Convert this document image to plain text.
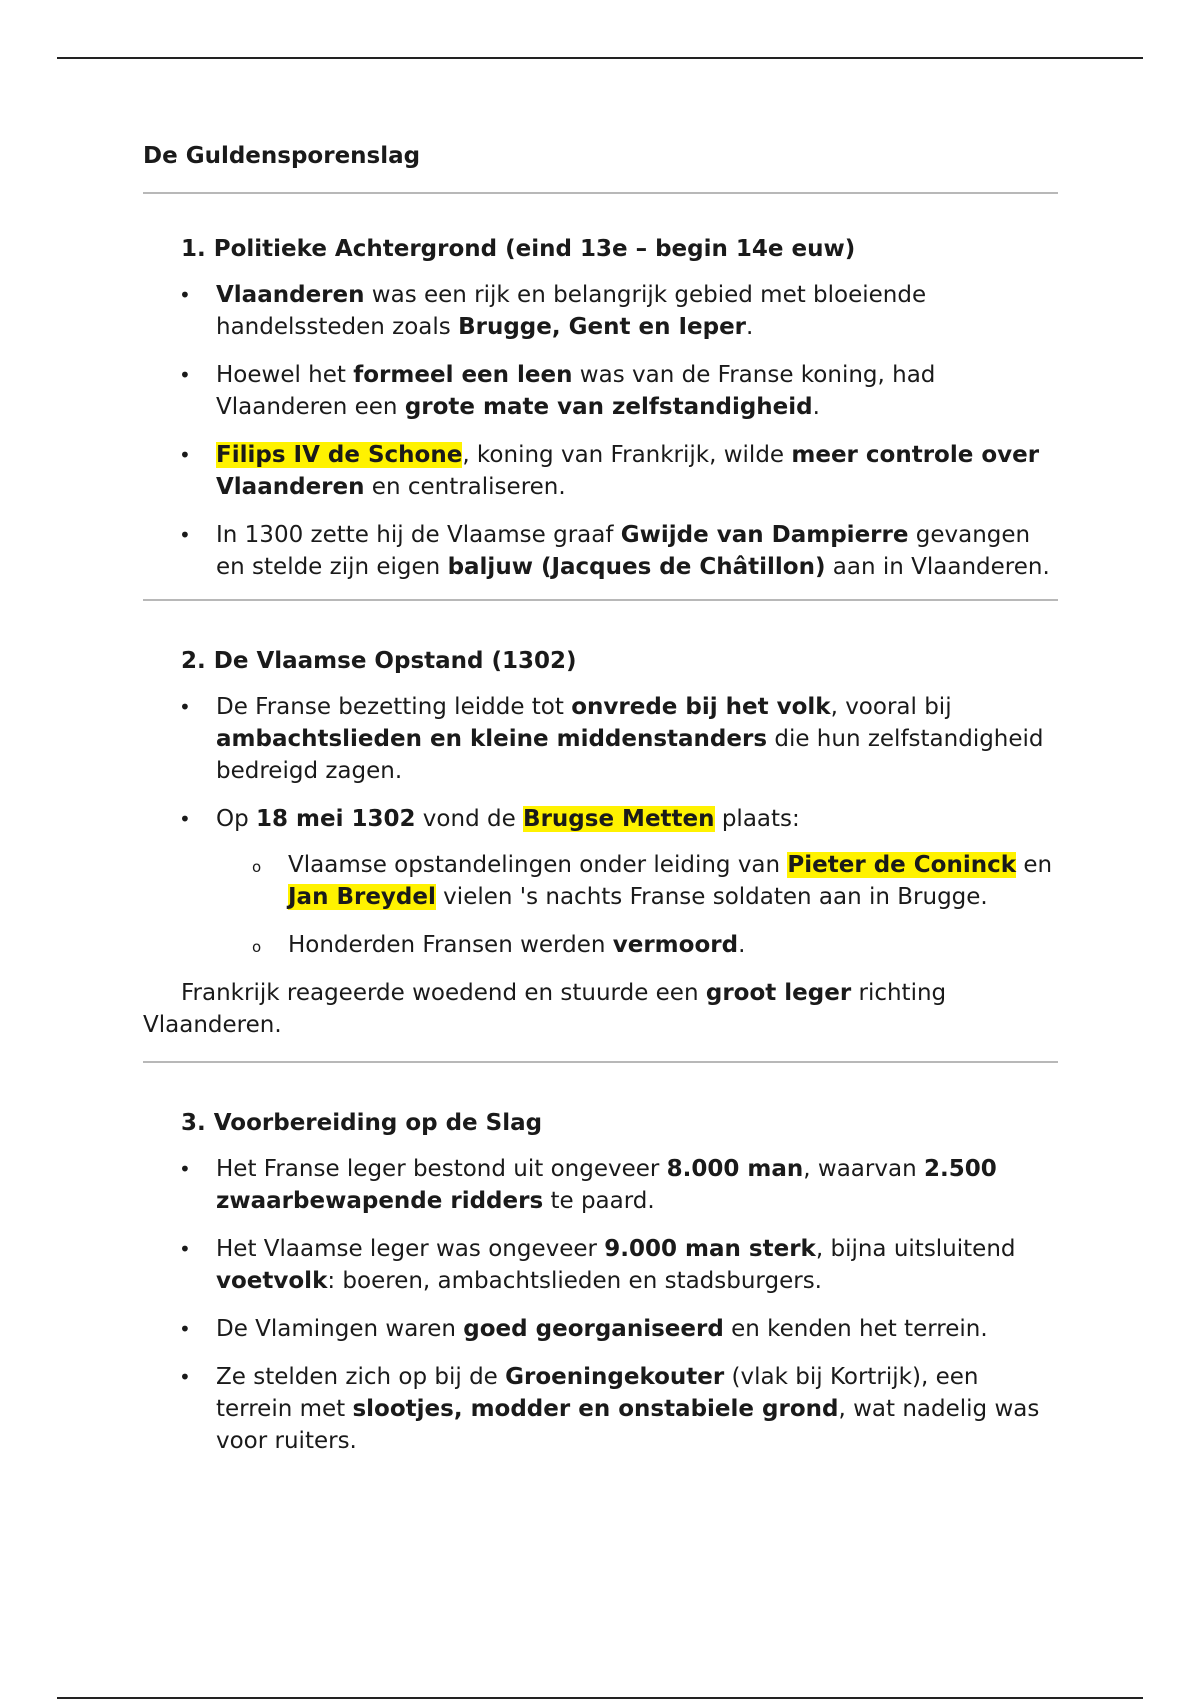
De Guldensporenslag

1. Politieke Achtergrond (eind 13e – begin 14e euw)
• Vlaanderen was een rijk en belangrijk gebied met bloeiende handelssteden zoals Brugge, Gent en Ieper.
• Hoewel het formeel een leen was van de Franse koning, had Vlaanderen een grote mate van zelfstandigheid.
• Filips IV de Schone, koning van Frankrijk, wilde meer controle over Vlaanderen en centraliseren.
• In 1300 zette hij de Vlaamse graaf Gwijde van Dampierre gevangen en stelde zijn eigen baljuw (Jacques de Châtillon) aan in Vlaanderen.
2. De Vlaamse Opstand (1302)
• De Franse bezetting leidde tot onvrede bij het volk, vooral bij ambachtslieden en kleine middenstanders die hun zelfstandigheid bedreigd zagen.
• Op 18 mei 1302 vond de Brugse Metten plaats:
o Vlaamse opstandelingen onder leiding van Pieter de Coninck en Jan Breydel vielen 's nachts Franse soldaten aan in Brugge.
o Honderden Fransen werden vermoord.

Frankrijk reageerde woedend en stuurde een groot leger richting Vlaanderen.

3. Voorbereiding op de Slag
• Het Franse leger bestond uit ongeveer 8.000 man, waarvan 2.500 zwaarbewapende ridders te paard.
• Het Vlaamse leger was ongeveer 9.000 man sterk, bijna uitsluitend voetvolk: boeren, ambachtslieden en stadsburgers.
• De Vlamingen waren goed georganiseerd en kenden het terrein.
• Ze stelden zich op bij de Groeningekouter (vlak bij Kortrijk), een terrein met slootjes, modder en onstabiele grond, wat nadelig was voor ruiters.
